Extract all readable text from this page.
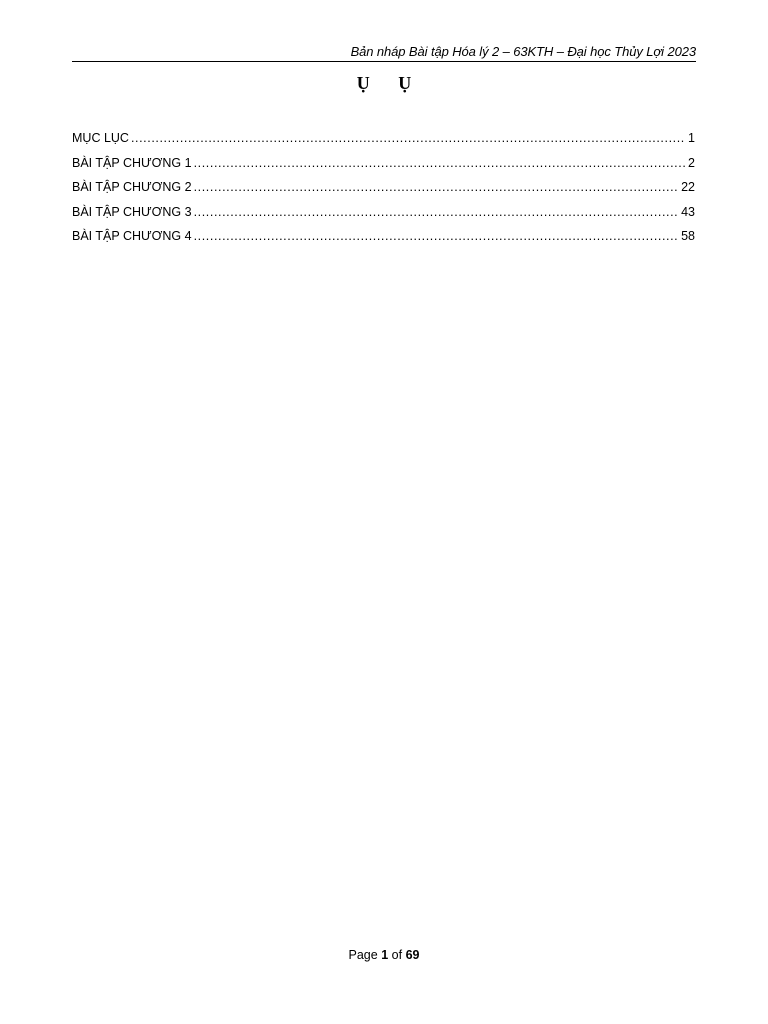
Bản nháp Bài tập Hóa lý 2 – 63KTH – Đại học Thủy Lợi 2023
Ụ Ụ
MỤC LỤC .....	1
BÀI TẬP CHƯƠNG 1 .....	2
BÀI TẬP CHƯƠNG 2 .....	22
BÀI TẬP CHƯƠNG 3 .....	43
BÀI TẬP CHƯƠNG 4 .....	58
Page 1 of 69
